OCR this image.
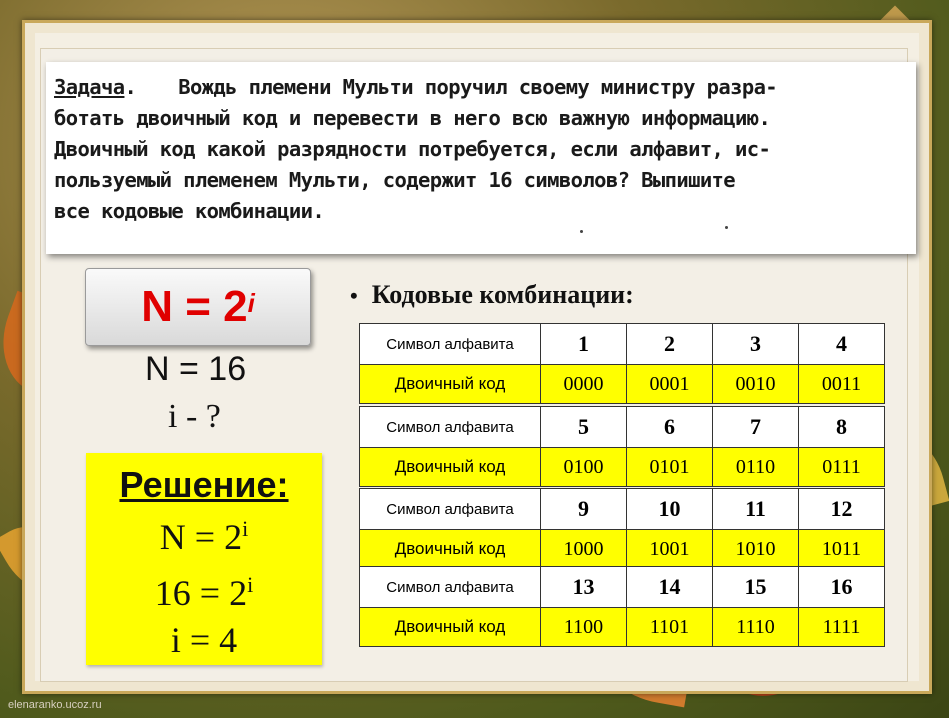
Задача. Вождь племени Мульти поручил своему министру разра-

ботать двоичный код и перевести в него всю важную информацию.

Двоичный код какой разрядности потребуется, если алфавит, ис-

пользуемый племенем Мульти, содержит 16 символов? Выпишите

все кодовые комбинации.

$N = 2^i$
N = 16
i - ?
Решение:
$N = 2^i$
$16 = 2^i$
i = 4
• Кодовые комбинации:
Символ алфавита	1	2	3	4
Двоичный код	0000	0001	0010	0011
Символ алфавита	5	6	7	8
Двоичный код	0100	0101	0110	0111
Символ алфавита	9	10	11	12
Двоичный код	1000	1001	1010	1011
Символ алфавита	13	14	15	16
Двоичный код	1100	1101	1110	1111
elenaranko.ucoz.ru
